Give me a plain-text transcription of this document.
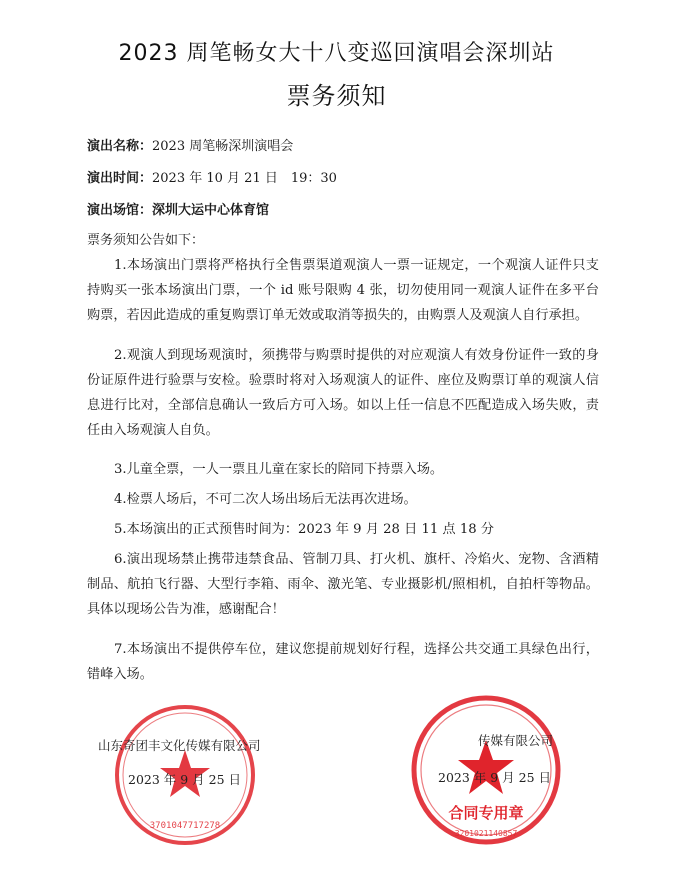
2023 周笔畅女大十八变巡回演唱会深圳站
票务须知
演出名称：2023 周笔畅深圳演唱会
演出时间：2023 年 10 月 21 日　19：30
演出场馆：深圳大运中心体育馆
票务须知公告如下：
1.本场演出门票将严格执行全售票渠道观演人一票一证规定，一个观演人证件只支持购买一张本场演出门票，一个 id 账号限购 4 张，切勿使用同一观演人证件在多平台购票，若因此造成的重复购票订单无效或取消等损失的，由购票人及观演人自行承担。
2.观演人到现场观演时，须携带与购票时提供的对应观演人有效身份证件一致的身份证原件进行验票与安检。验票时将对入场观演人的证件、座位及购票订单的观演人信息进行比对，全部信息确认一致后方可入场。如以上任一信息不匹配造成入场失败，责任由入场观演人自负。
3.儿童全票，一人一票且儿童在家长的陪同下持票入场。
4.检票人场后，不可二次人场出场后无法再次进场。
5.本场演出的正式预售时间为：2023 年 9 月 28 日 11 点 18 分
6.演出现场禁止携带违禁食品、管制刀具、打火机、旗杆、冷焰火、宠物、含酒精制品、航拍飞行器、大型行李箱、雨伞、激光笔、专业摄影机/照相机，自拍杆等物品。 具体以现场公告为准，感谢配合！
7.本场演出不提供停车位，建议您提前规划好行程，选择公共交通工具绿色出行，错峰入场。
3701047717278
合同专用章
3201021140857
山东奇团丰文化传媒有限公司
2023 年 9 月 25 日
传媒有限公司
2023 年 9 月 25 日
